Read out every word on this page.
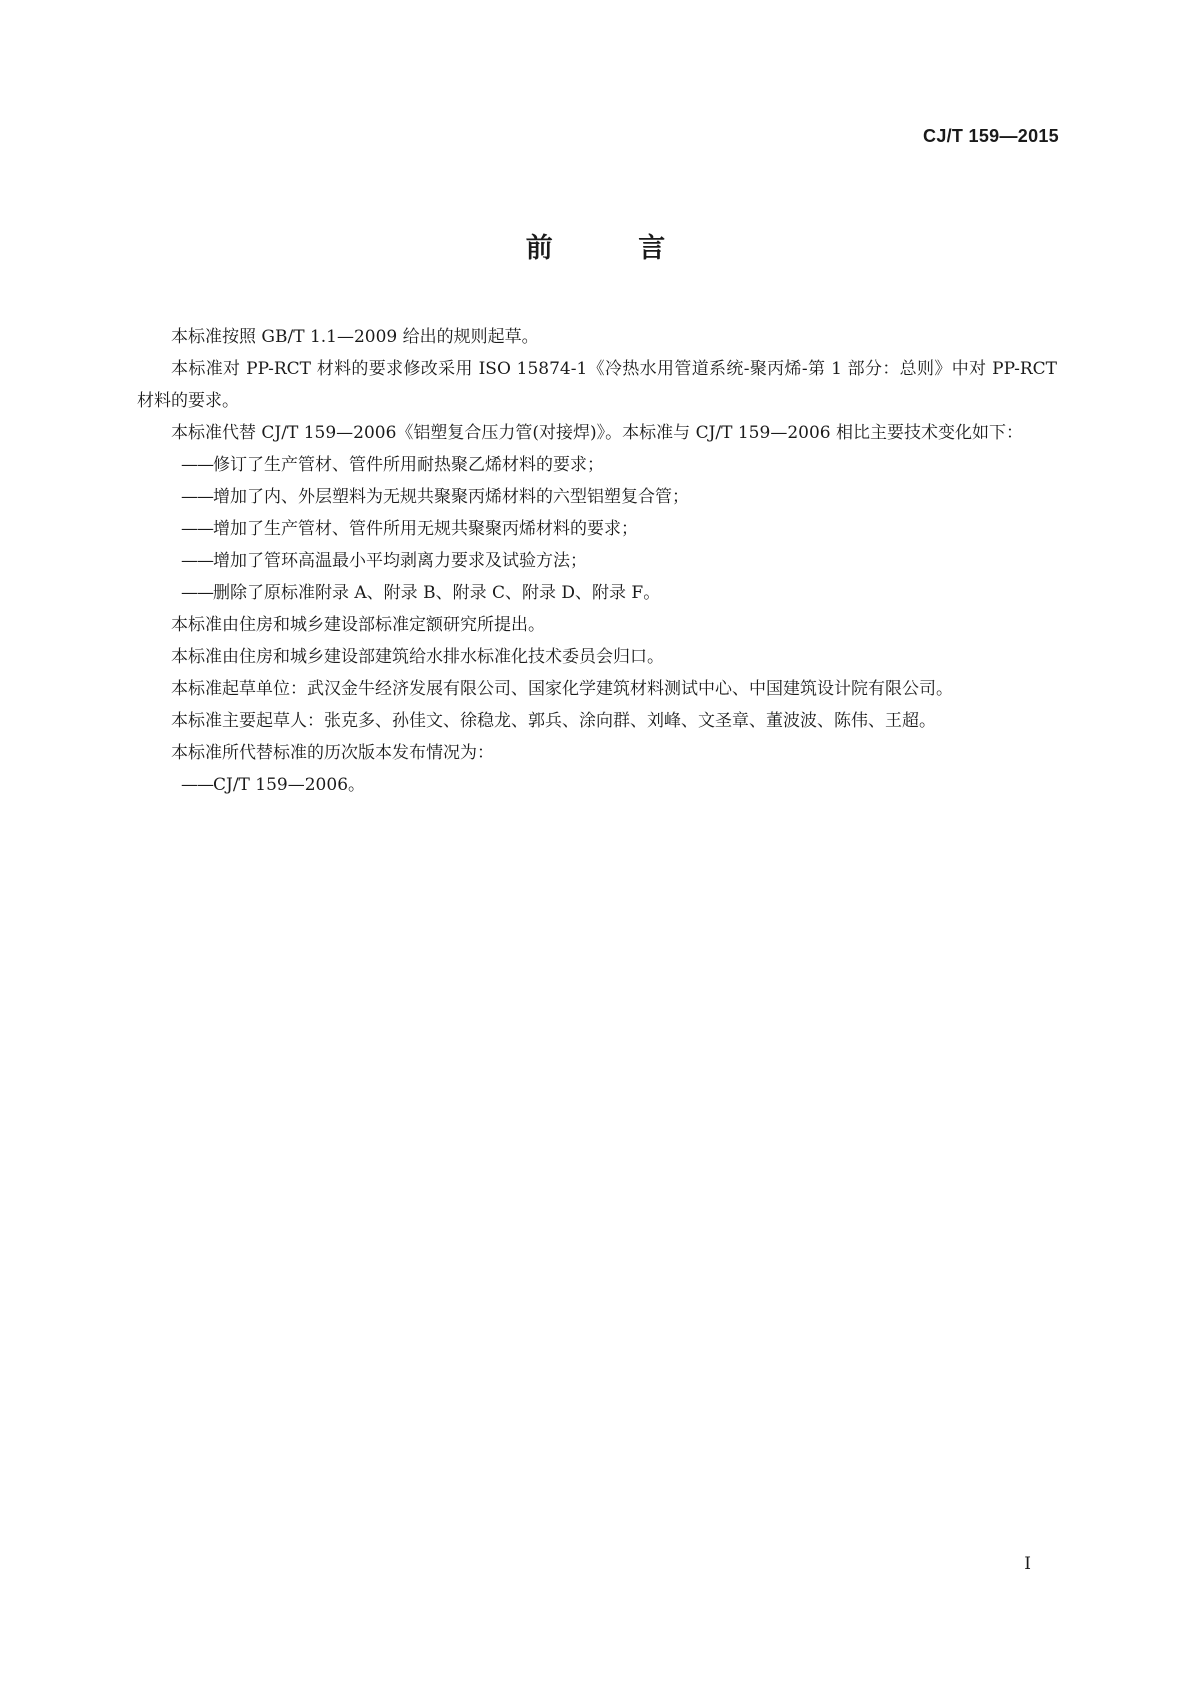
CJ/T 159—2015
前 言

本标准按照 GB/T 1.1—2009 给出的规则起草。

本标准对 PP-RCT 材料的要求修改采用 ISO 15874-1《冷热水用管道系统-聚丙烯-第 1 部分：总则》中对 PP-RCT 材料的要求。

本标准代替 CJ/T 159—2006《铝塑复合压力管(对接焊)》。本标准与 CJ/T 159—2006 相比主要技术变化如下：

——修订了生产管材、管件所用耐热聚乙烯材料的要求；

——增加了内、外层塑料为无规共聚聚丙烯材料的六型铝塑复合管；

——增加了生产管材、管件所用无规共聚聚丙烯材料的要求；

——增加了管环高温最小平均剥离力要求及试验方法；

——删除了原标准附录 A、附录 B、附录 C、附录 D、附录 F。

本标准由住房和城乡建设部标准定额研究所提出。

本标准由住房和城乡建设部建筑给水排水标准化技术委员会归口。

本标准起草单位：武汉金牛经济发展有限公司、国家化学建筑材料测试中心、中国建筑设计院有限公司。

本标准主要起草人：张克多、孙佳文、徐稳龙、郭兵、涂向群、刘峰、文圣章、董波波、陈伟、王超。

本标准所代替标准的历次版本发布情况为：

——CJ/T 159—2006。

I
